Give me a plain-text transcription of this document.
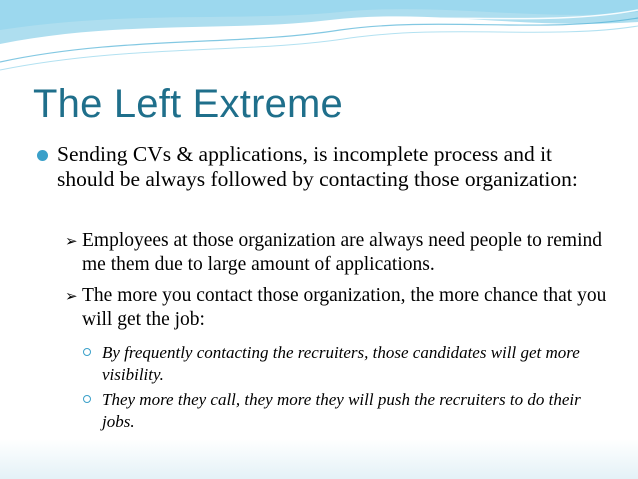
The Left Extreme
Sending CVs & applications, is incomplete process and it should be always followed by contacting those organization:
➢ Employees at those organization are always need people to remind me them due to large amount of applications.
➢ The more you contact those organization, the more chance that you will get the job:
By frequently contacting the recruiters, those candidates will get more visibility.
They more they call, they more they will push the recruiters to do their jobs.
